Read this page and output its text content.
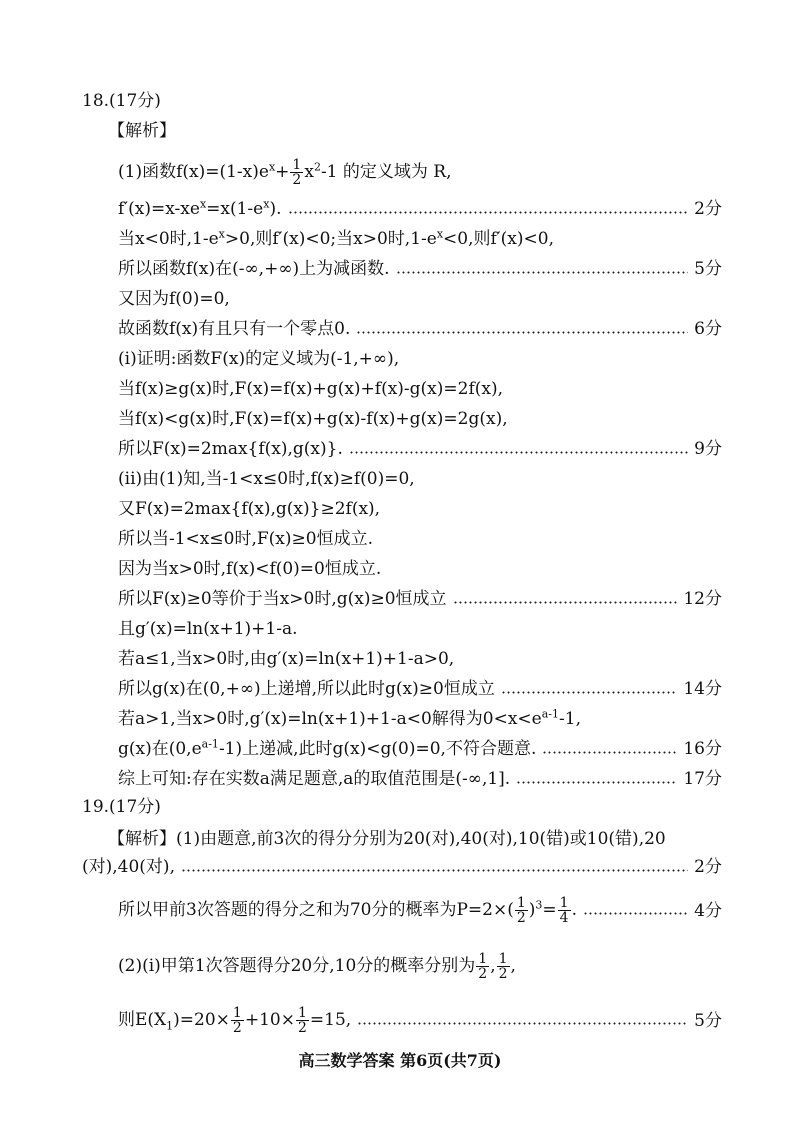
18.(17分)
【解析】
(1)函数$f(x)=(1-x)e^x+ \frac{1}{2} x^2-1$ 的定义域为 R,
$f'(x)=x-xe^x=x(1-e^x)$.	2分
当x<0时$,1-e^x>0$,则f′(x)<0;当x>0时$,1-e^x<0$,则f′(x)<0,
所以函数f(x)在(-∞,+∞)上为减函数.	5分
又因为f(0)=0,
故函数f(x)有且只有一个零点0.	6分
(i)证明:函数F(x)的定义域为(-1,+∞),
当f(x)≥g(x)时,F(x)=f(x)+g(x)+f(x)-g(x)=2f(x),
当f(x)<g(x)时,F(x)=f(x)+g(x)-f(x)+g(x)=2g(x),
所以F(x)=2max{f(x),g(x)}.	9分
(ii)由(1)知,当-1<x≤0时,f(x)≥f(0)=0,
又F(x)=2max{f(x),g(x)}≥2f(x),
所以当-1<x≤0时,F(x)≥0恒成立.
因为当x>0时,f(x)<f(0)=0恒成立.
所以F(x)≥0等价于当x>0时,g(x)≥0恒成立	12分
且g′(x)=ln(x+1)+1-a.
若a≤1,当x>0时,由g′(x)=ln(x+1)+1-a>0,
所以g(x)在(0,+∞)上递增,所以此时g(x)≥0恒成立	14分
若a>1,当x>0时,g′(x)=ln(x+1)+1-a<0解得为$0<x<e^{a-1}-1$,
g(x)在$(0,e^{a-1}-1)$上递减,此时g(x)<g(0)=0,不符合题意.	16分
综上可知:存在实数a满足题意,a的取值范围是(-∞,1].	17分
19.(17分)
【解析】(1)由题意,前3次的得分分别为20(对),40(对),10(错)或10(错),20
(对),40(对),	2分
所以甲前3次答题的得分之和为70分的概率为$P=2\times( \frac{1}{2} )^3= \frac{1}{4}$ .	4分
(2)(i)甲第1次答题得分20分,10分的概率分别为 $\frac{1}{2}$ , $\frac{1}{2}$ ,
则$E(X_1)=20\times \frac{1}{2} +10\times \frac{1}{2} =15$,	5分
高三数学答案 第6页(共7页)
